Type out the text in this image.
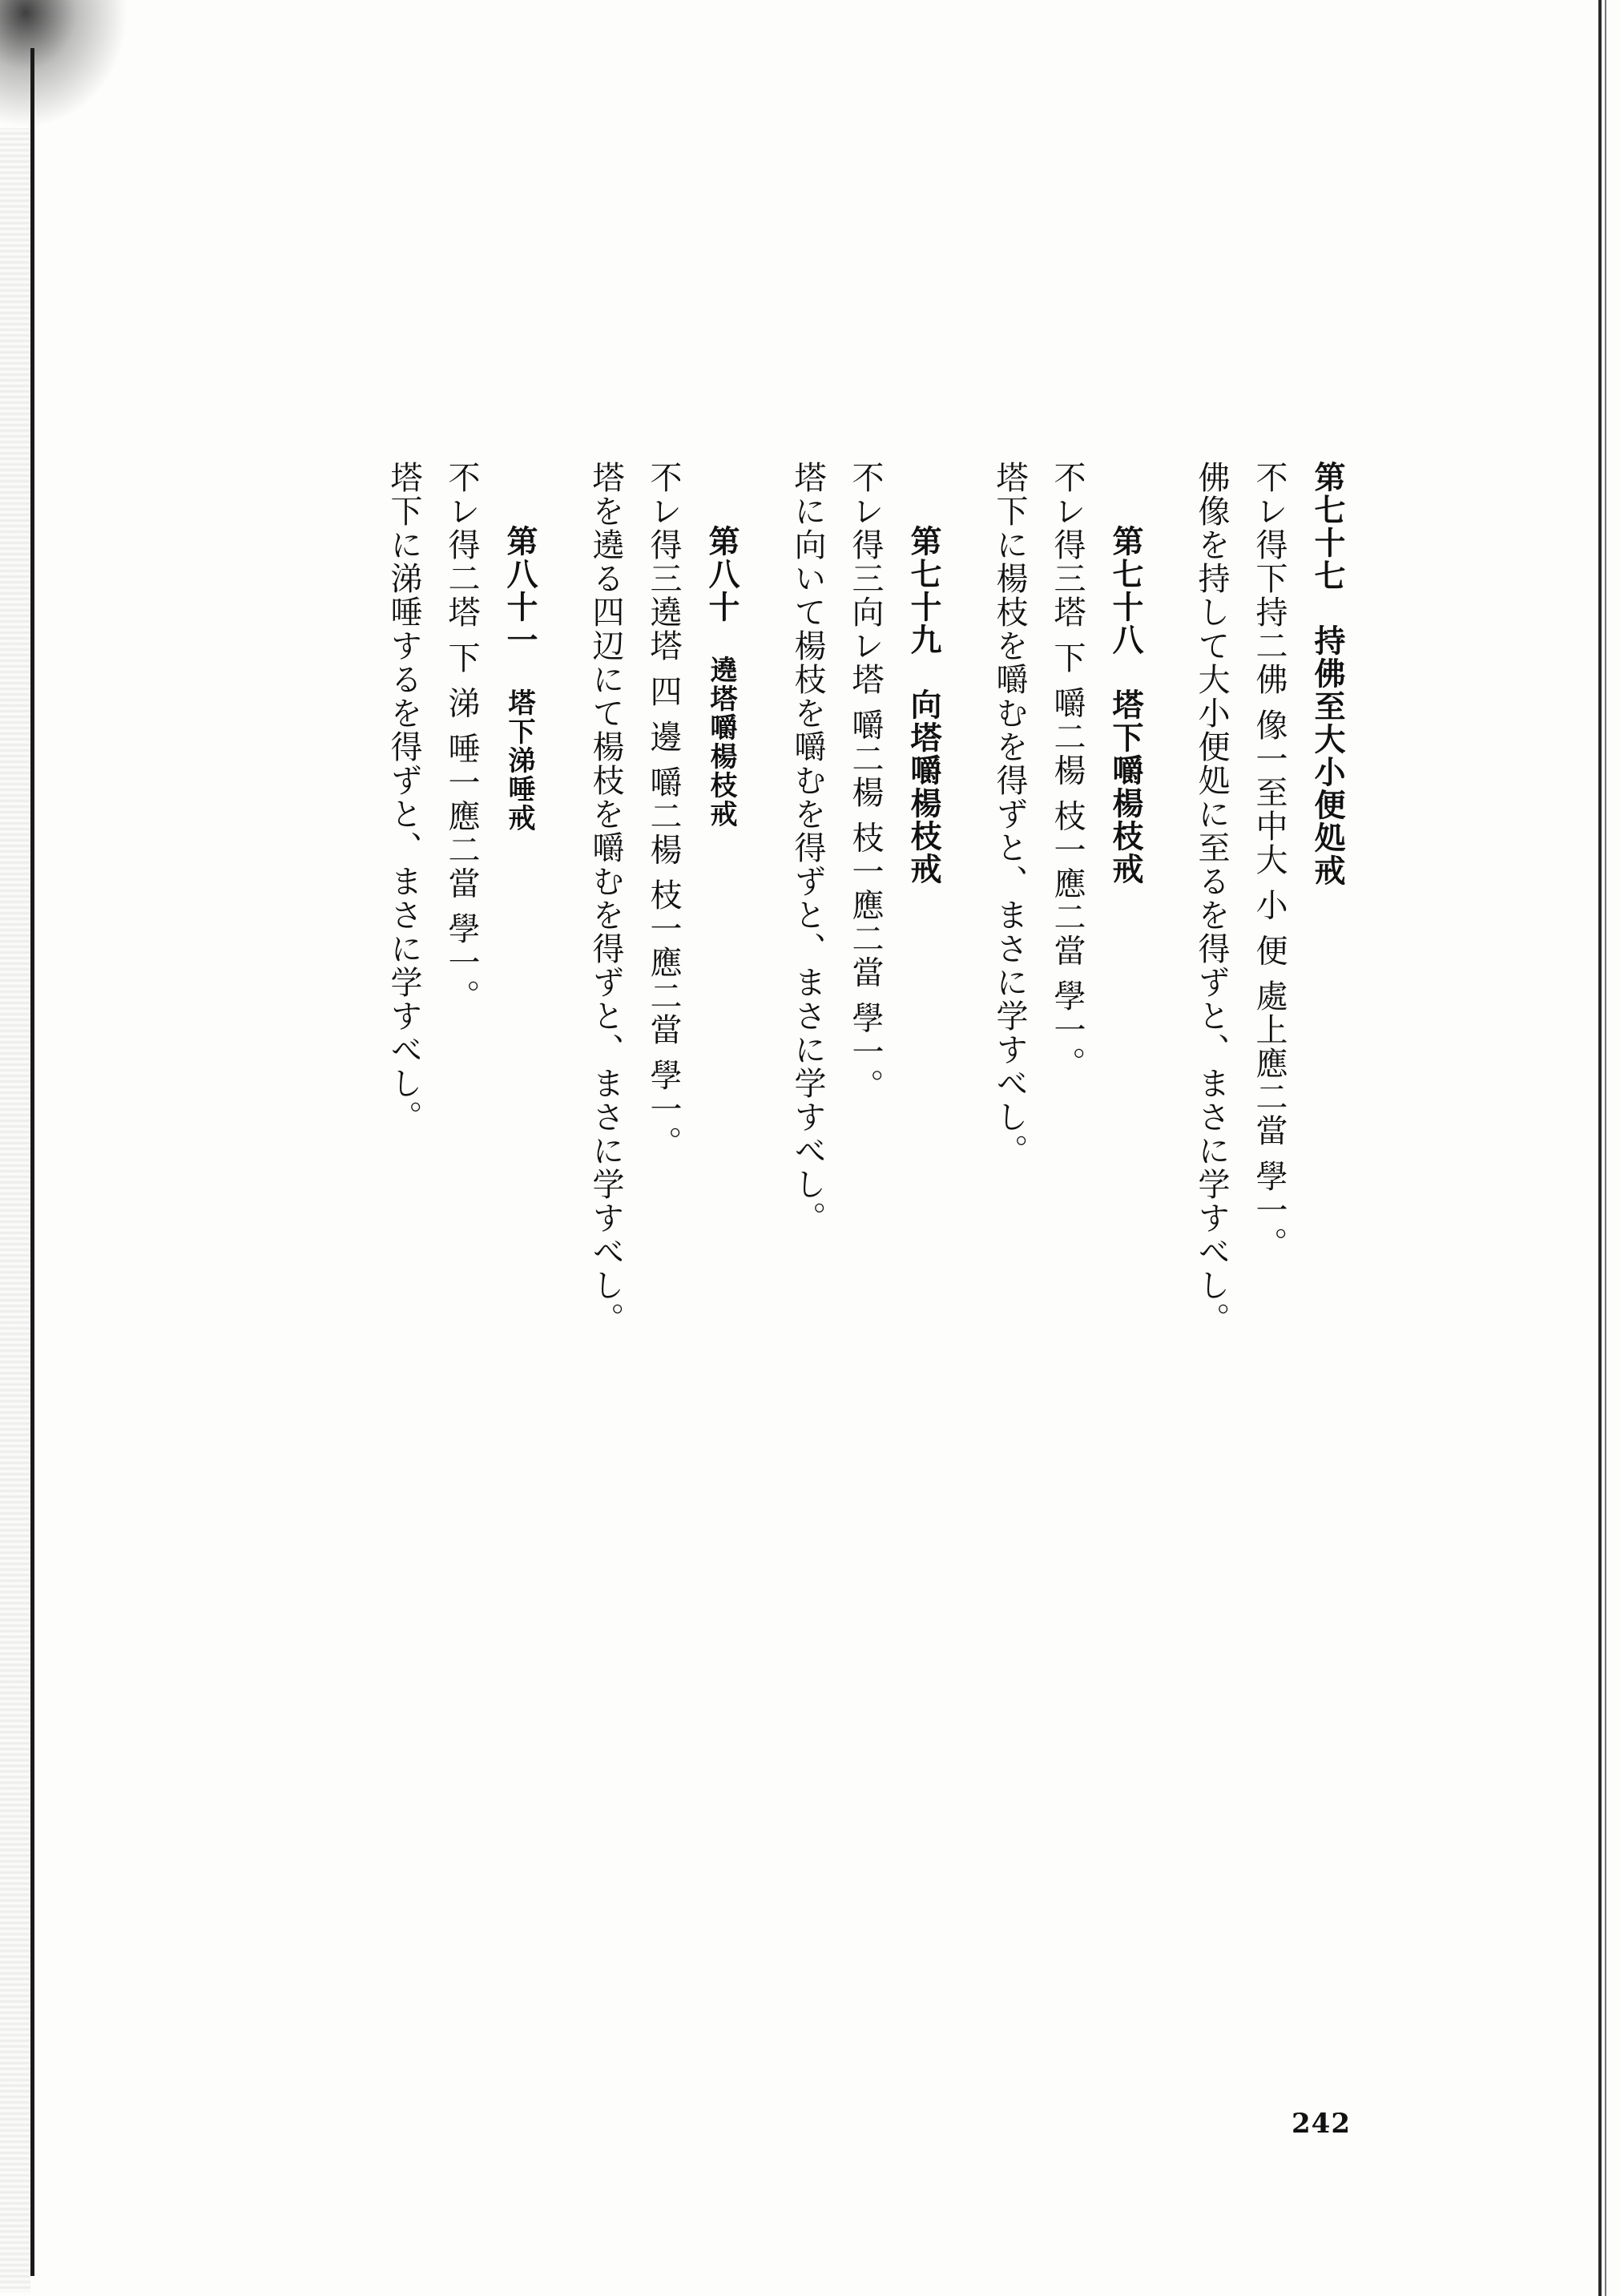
第七十七持佛至大小便処戒
不レ得下持二佛 像一至中大 小 便 處上應二當 學一。
佛像を持して大小便処に至るを得ずと、まさに学すべし。
第七十八塔下嚼楊枝戒
不レ得三塔 下 嚼二楊 枝一應二當 學一。
塔下に楊枝を嚼むを得ずと、まさに学すべし。
第七十九向塔嚼楊枝戒
不レ得三向レ塔 嚼二楊 枝一應二當 學一。
塔に向いて楊枝を嚼むを得ずと、まさに学すべし。
第八十遶塔嚼楊枝戒
不レ得三遶塔 四 邊 嚼二楊 枝一應二當 學一。
塔を遶る四辺にて楊枝を嚼むを得ずと、まさに学すべし。
第八十一塔下涕唾戒
不レ得二塔 下 涕 唾一應二當 學一。
塔下に涕唾するを得ずと、まさに学すべし。
242
